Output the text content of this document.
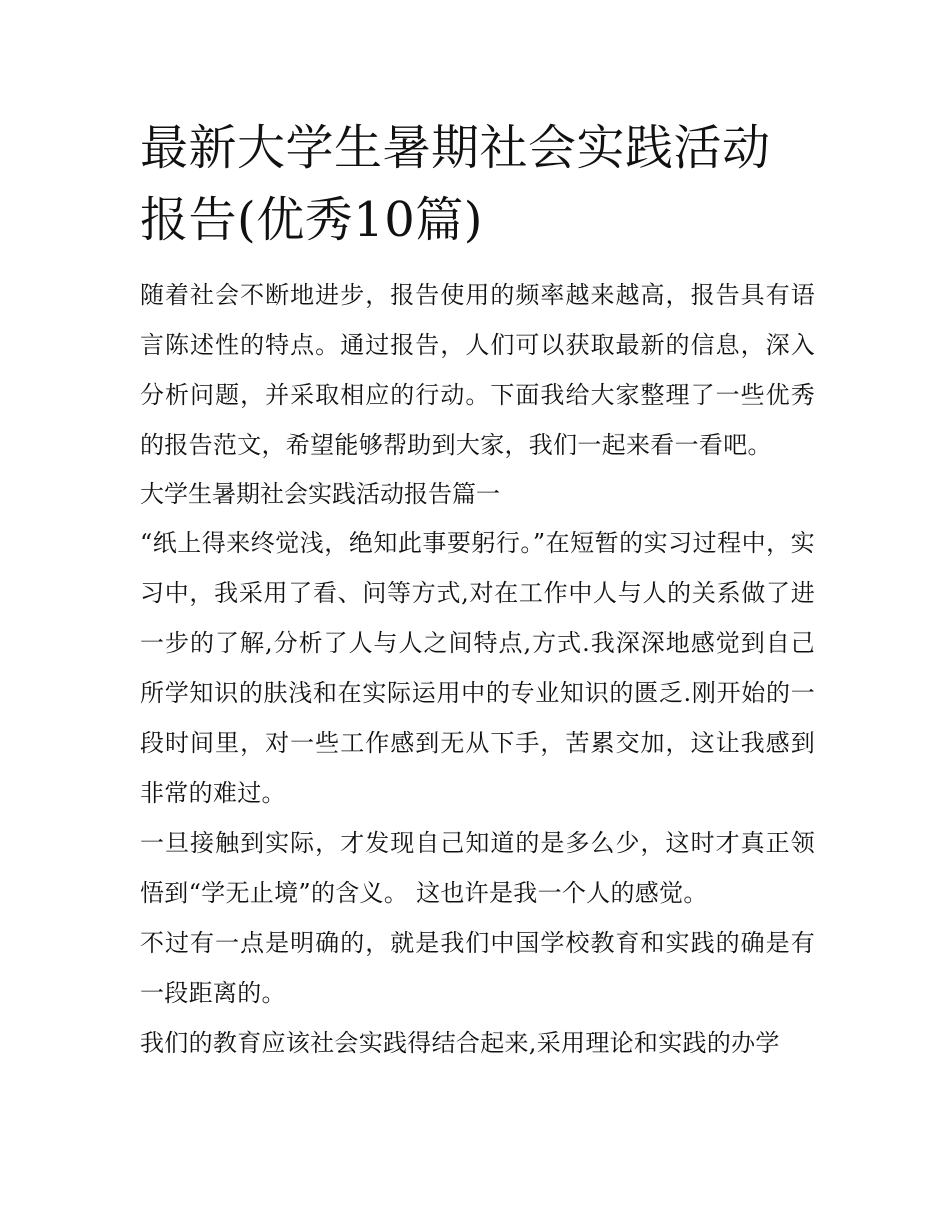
最新大学生暑期社会实践活动报告(优秀10篇)

随着社会不断地进步，报告使用的频率越来越高，报告具有语言陈述性的特点。通过报告，人们可以获取最新的信息，深入分析问题，并采取相应的行动。下面我给大家整理了一些优秀的报告范文，希望能够帮助到大家，我们一起来看一看吧。

大学生暑期社会实践活动报告篇一

“纸上得来终觉浅，绝知此事要躬行。”在短暂的实习过程中，实习中，我采用了看、问等方式,对在工作中人与人的关系做了进一步的了解,分析了人与人之间特点,方式.我深深地感觉到自己所学知识的肤浅和在实际运用中的专业知识的匮乏.刚开始的一段时间里，对一些工作感到无从下手，苦累交加，这让我感到非常的难过。

一旦接触到实际，才发现自己知道的是多么少，这时才真正领悟到“学无止境”的含义。 这也许是我一个人的感觉。

不过有一点是明确的，就是我们中国学校教育和实践的确是有一段距离的。

我们的教育应该社会实践得结合起来,采用理论和实践的办学
